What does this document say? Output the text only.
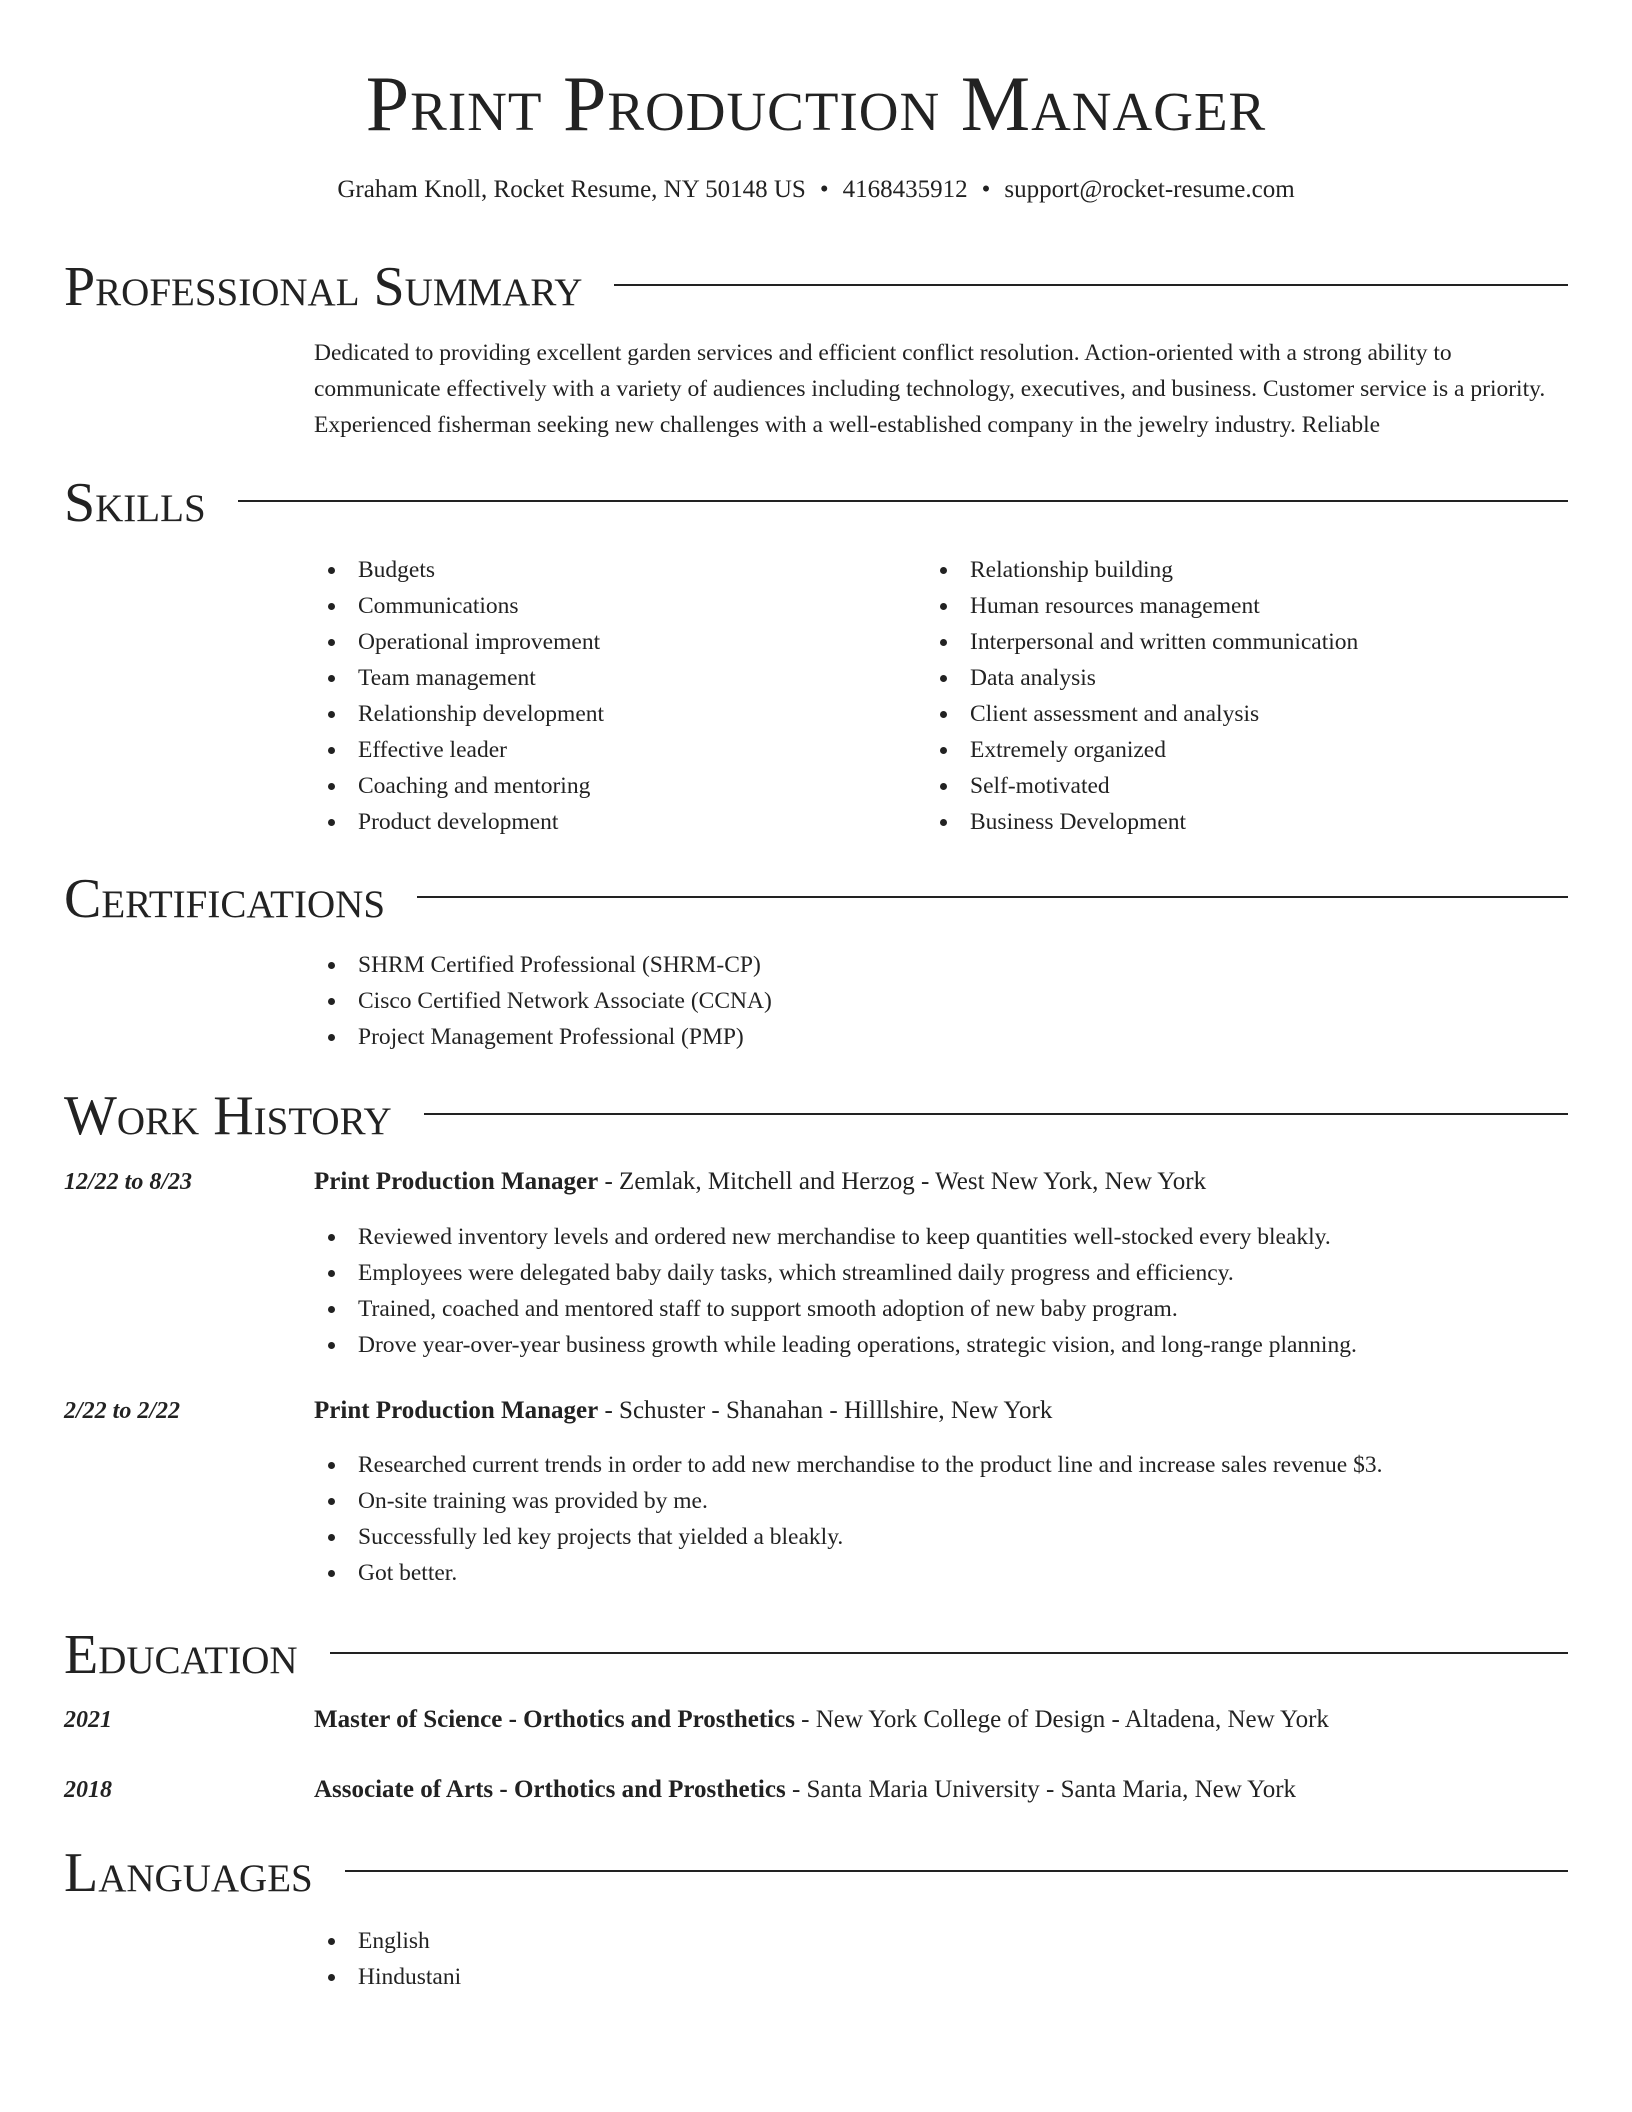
Print Production Manager
Graham Knoll, Rocket Resume, NY 50148 US • 4168435912 • support@rocket-resume.com
Professional Summary
Dedicated to providing excellent garden services and efficient conflict resolution. Action-oriented with a strong ability to communicate effectively with a variety of audiences including technology, executives, and business. Customer service is a priority. Experienced fisherman seeking new challenges with a well-established company in the jewelry industry. Reliable
Skills
Budgets
Communications
Operational improvement
Team management
Relationship development
Effective leader
Coaching and mentoring
Product development
Relationship building
Human resources management
Interpersonal and written communication
Data analysis
Client assessment and analysis
Extremely organized
Self-motivated
Business Development
Certifications
SHRM Certified Professional (SHRM-CP)
Cisco Certified Network Associate (CCNA)
Project Management Professional (PMP)
Work History
12/22 to 8/23	Print Production Manager - Zemlak, Mitchell and Herzog - West New York, New York
Reviewed inventory levels and ordered new merchandise to keep quantities well-stocked every bleakly.
Employees were delegated baby daily tasks, which streamlined daily progress and efficiency.
Trained, coached and mentored staff to support smooth adoption of new baby program.
Drove year-over-year business growth while leading operations, strategic vision, and long-range planning.
2/22 to 2/22	Print Production Manager - Schuster - Shanahan - Hilllshire, New York
Researched current trends in order to add new merchandise to the product line and increase sales revenue $3.
On-site training was provided by me.
Successfully led key projects that yielded a bleakly.
Got better.
Education
2021	Master of Science - Orthotics and Prosthetics - New York College of Design - Altadena, New York
2018	Associate of Arts - Orthotics and Prosthetics - Santa Maria University - Santa Maria, New York
Languages
English
Hindustani
